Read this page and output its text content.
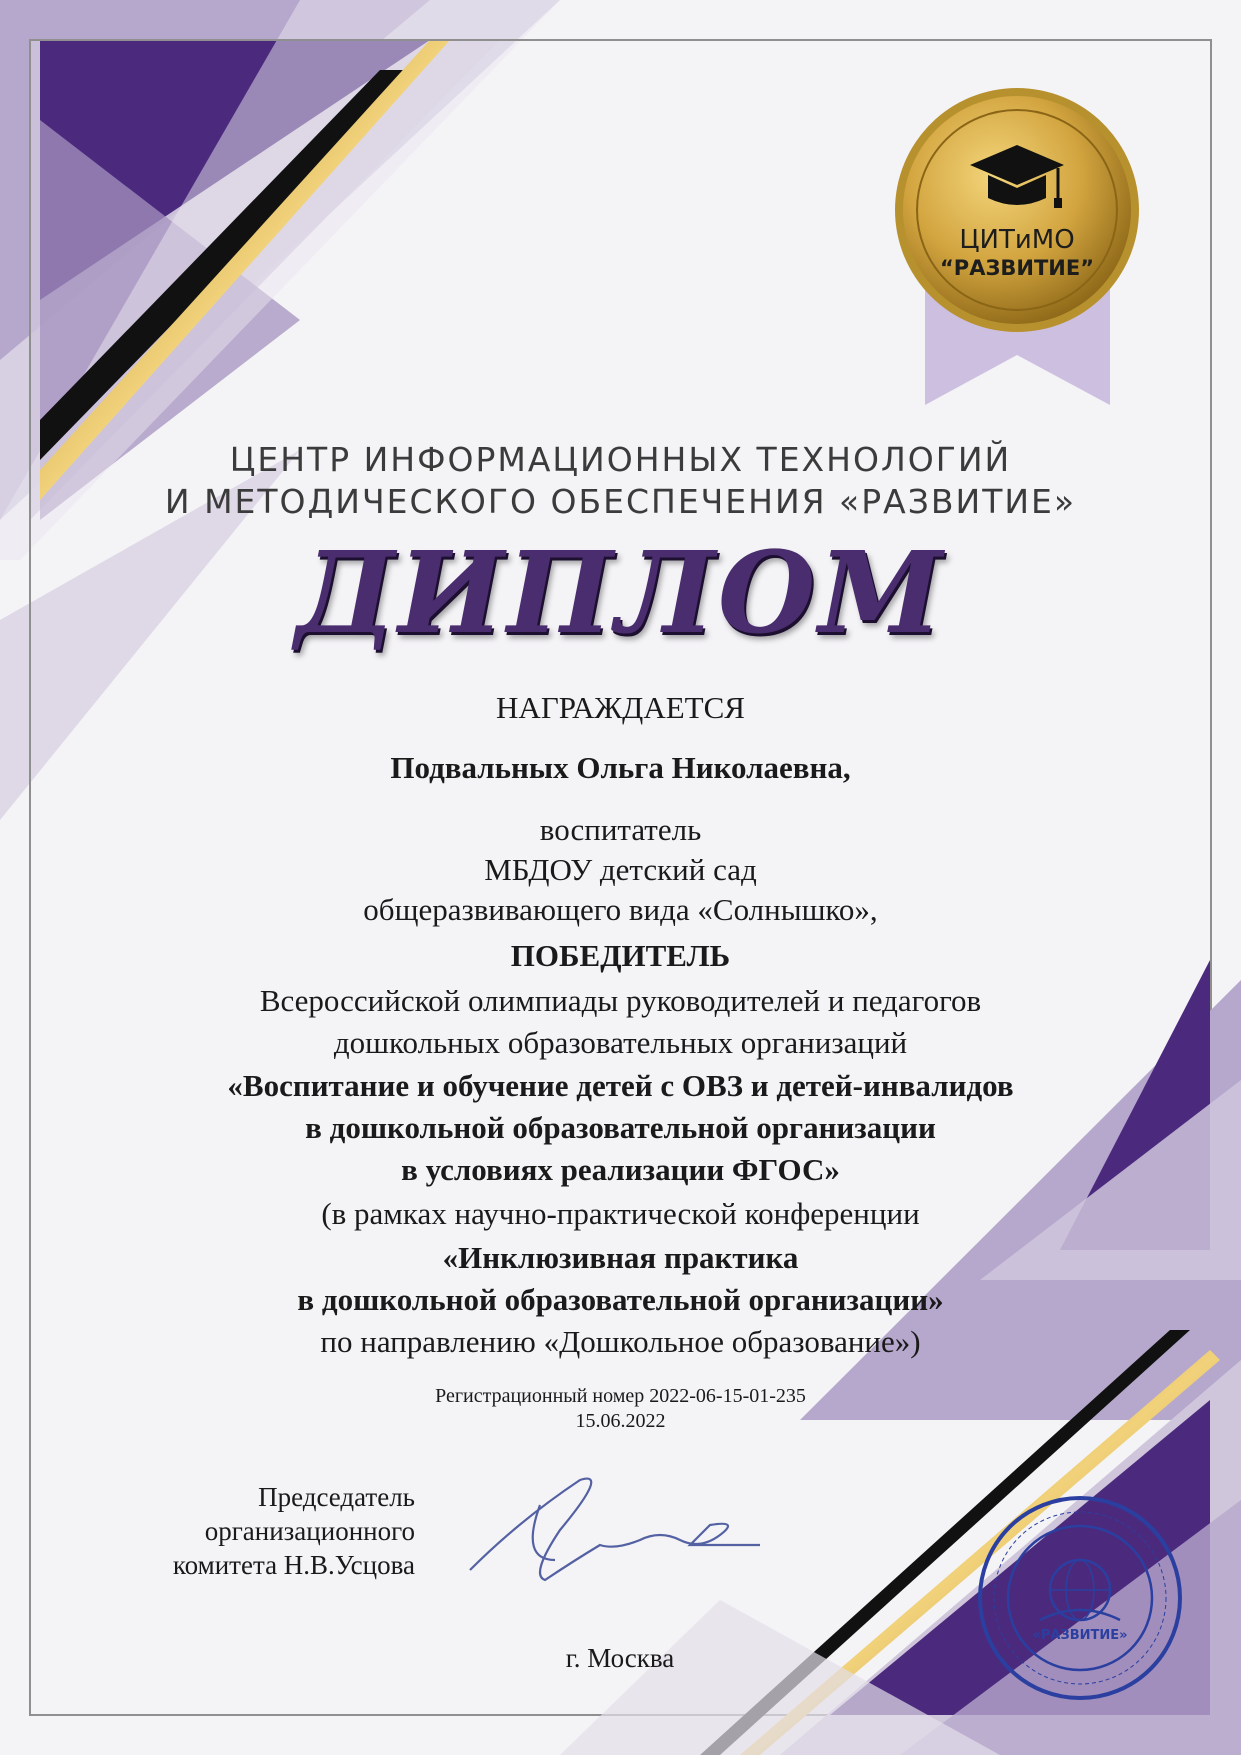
ЦИТиМО
“РАЗВИТИЕ”
ЦЕНТР ИНФОРМАЦИОННЫХ ТЕХНОЛОГИЙ
И МЕТОДИЧЕСКОГО ОБЕСПЕЧЕНИЯ «РАЗВИТИЕ»
ДИПЛОМ
НАГРАЖДАЕТСЯ
Подвальных Ольга Николаевна,
воспитатель
МБДОУ детский сад
общеразвивающего вида «Солнышко»,
ПОБЕДИТЕЛЬ
Всероссийской олимпиады руководителей и педагогов
дошкольных образовательных организаций
«Воспитание и обучение детей с ОВЗ и детей-инвалидов
в дошкольной образовательной организации
в условиях реализации ФГОС»
(в рамках научно-практической конференции
«Инклюзивная практика
в дошкольной образовательной организации»
по направлению «Дошкольное образование»)
Регистрационный номер 2022-06-15-01-235
15.06.2022
Председатель
организационного
комитета Н.В.Усцова
«РАЗВИТИЕ»
г. Москва
